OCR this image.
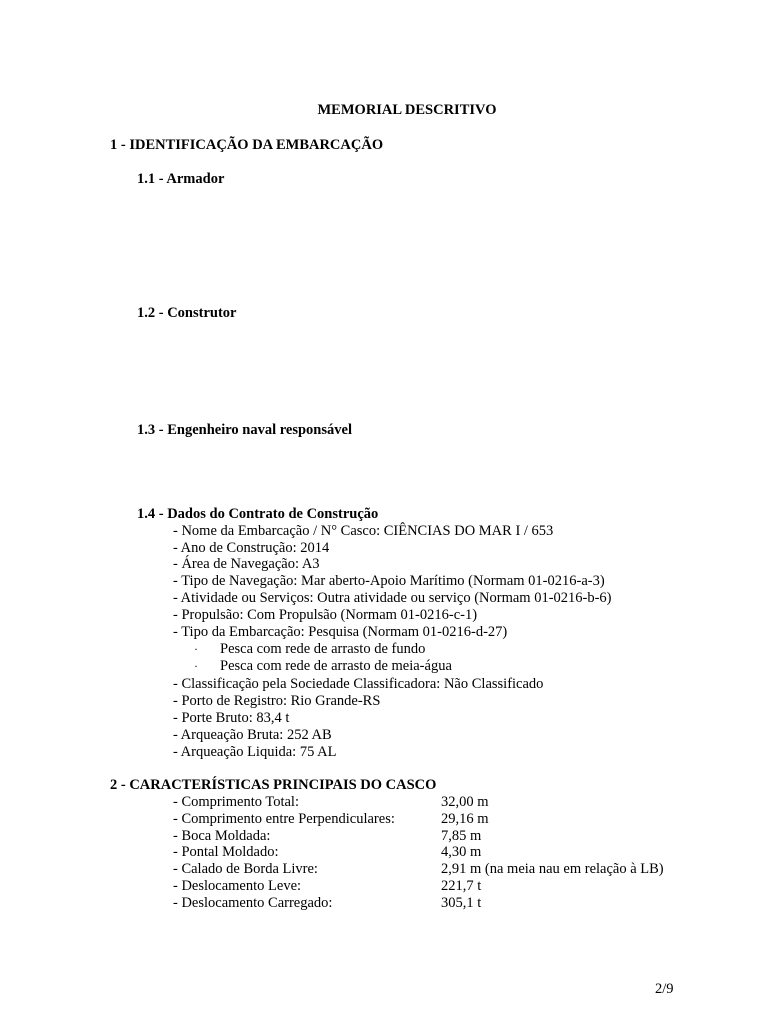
MEMORIAL DESCRITIVO
1 - IDENTIFICAÇÃO DA EMBARCAÇÃO
1.1 - Armador
1.2 - Construtor
1.3 - Engenheiro naval responsável
1.4 - Dados do Contrato de Construção
- Nome da Embarcação / N° Casco: CIÊNCIAS DO MAR I / 653
- Ano de Construção: 2014
- Área de Navegação: A3
- Tipo de Navegação: Mar aberto-Apoio Marítimo (Normam 01-0216-a-3)
- Atividade ou Serviços: Outra atividade ou serviço (Normam 01-0216-b-6)
- Propulsão: Com Propulsão (Normam 01-0216-c-1)
- Tipo da Embarcação: Pesquisa (Normam 01-0216-d-27)
· Pesca com rede de arrasto de fundo
· Pesca com rede de arrasto de meia-água
- Classificação pela Sociedade Classificadora: Não Classificado
- Porto de Registro: Rio Grande-RS
- Porte Bruto: 83,4 t
- Arqueação Bruta: 252 AB
- Arqueação Liquida: 75 AL
2 - CARACTERÍSTICAS PRINCIPAIS DO CASCO
- Comprimento Total:	32,00 m
- Comprimento entre Perpendiculares:	29,16 m
- Boca Moldada:	7,85 m
- Pontal Moldado:	4,30 m
- Calado de Borda Livre:	2,91 m (na meia nau em relação à LB)
- Deslocamento Leve:	221,7 t
- Deslocamento Carregado:	305,1 t
2/9
